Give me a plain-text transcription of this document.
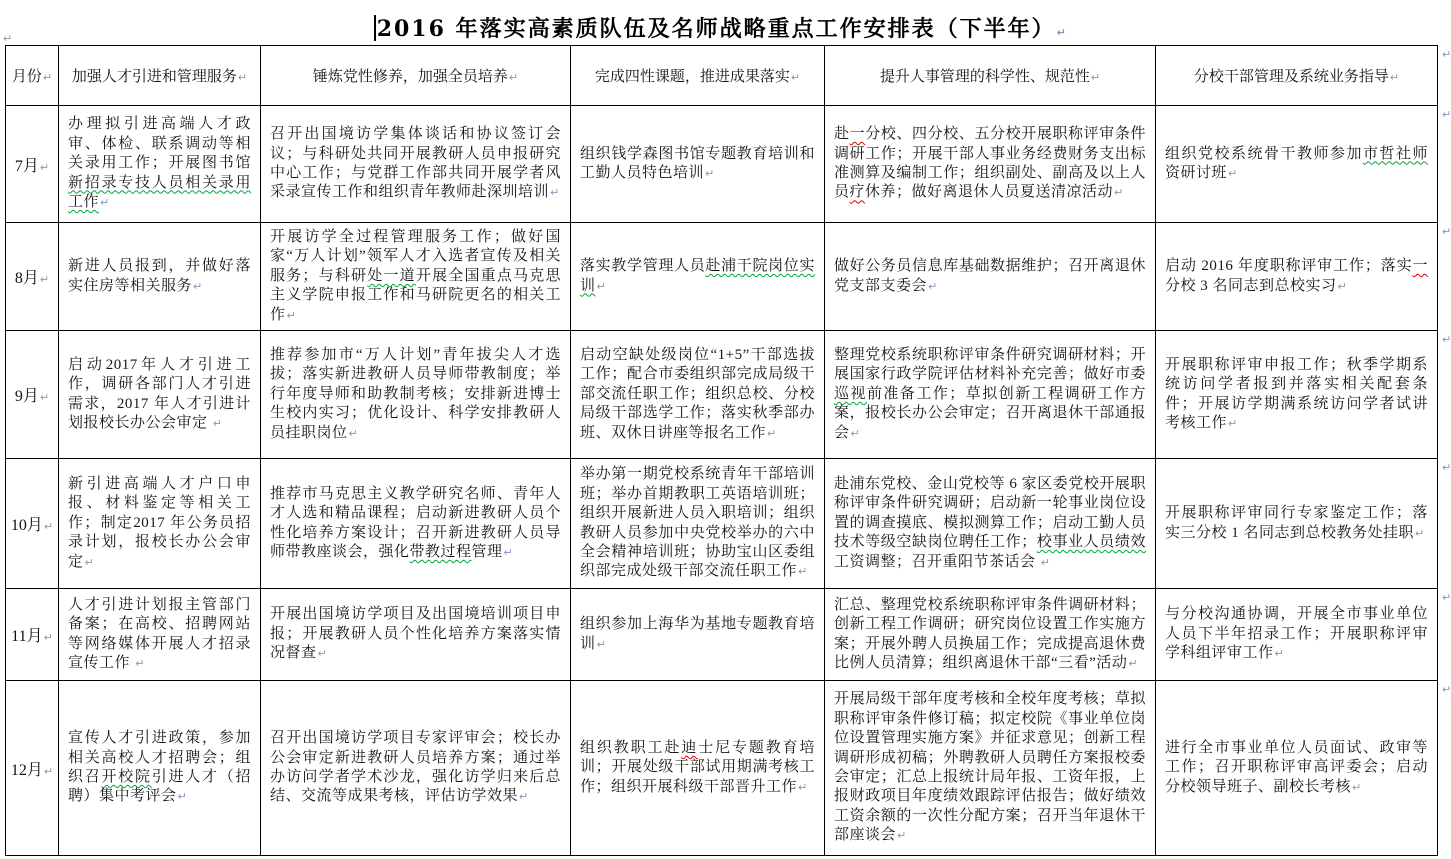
↵	2016 年落实高素质队伍及名师战略重点工作安排表（下半年）↵
月份↵	加强人才引进和管理服务↵	锤炼党性修养，加强全员培养↵	完成四性课题，推进成果落实↵	提升人事管理的科学性、规范性↵	分校干部管理及系统业务指导↵
7月↵	办理拟引进高端人才政审、体检、联系调动等相关录用工作；开展图书馆新招录专技人员相关录用工作↵	召开出国境访学集体谈话和协议签订会议；与科研处共同开展教研人员申报研究中心工作；与党群工作部共同开展学者风采录宣传工作和组织青年教师赴深圳培训↵	组织钱学森图书馆专题教育培训和工勤人员特色培训↵	赴一分校、四分校、五分校开展职称评审条件调研工作；开展干部人事业务经费财务支出标准测算及编制工作；组织副处、副高及以上人员疗休养；做好离退休人员夏送清凉活动↵	组织党校系统骨干教师参加市哲社师资研讨班↵

8月↵	新进人员报到，并做好落实住房等相关服务↵	开展访学全过程管理服务工作；做好国家“万人计划”领军人才入选者宣传及相关服务；与科研处一道开展全国重点马克思主义学院申报工作和马研院更名的相关工作↵	落实教学管理人员赴浦干院岗位实训↵	做好公务员信息库基础数据维护；召开离退休党支部支委会↵	启动 2016 年度职称评审工作；落实一分校 3 名同志到总校实习↵

9月↵	启动2017年人才引进工作，调研各部门人才引进需求，2017 年人才引进计划报校长办公会审定 ↵	推荐参加市“万人计划”青年拔尖人才选拔；落实新进教研人员导师带教制度；举行年度导师和助教制考核；安排新进博士生校内实习；优化设计、科学安排教研人员挂职岗位↵	启动空缺处级岗位“1+5”干部选拔工作；配合市委组织部完成局级干部交流任职工作；组织总校、分校局级干部选学工作；落实秋季部办班、双休日讲座等报名工作↵	整理党校系统职称评审条件研究调研材料；开展国家行政学院评估材料补充完善；做好市委巡视前准备工作；草拟创新工程调研工作方案，报校长办公会审定；召开离退休干部通报会↵	开展职称评审申报工作；秋季学期系统访问学者报到并落实相关配套条件；开展访学期满系统访问学者试讲考核工作↵

10月↵	新引进高端人才户口申报、材料鉴定等相关工作；制定2017 年公务员招录计划，报校长办公会审定↵	推荐市马克思主义教学研究名师、青年人才人选和精品课程；启动新进教研人员个性化培养方案设计；召开新进教研人员导师带教座谈会，强化带教过程管理↵	举办第一期党校系统青年干部培训班；举办首期教职工英语培训班；组织开展新进人员入职培训；组织教研人员参加中央党校举办的六中全会精神培训班；协助宝山区委组织部完成处级干部交流任职工作↵	赴浦东党校、金山党校等 6 家区委党校开展职称评审条件研究调研；启动新一轮事业岗位设置的调查摸底、模拟测算工作；启动工勤人员技术等级空缺岗位聘任工作；校事业人员绩效工资调整；召开重阳节茶话会 ↵	开展职称评审同行专家鉴定工作；落实三分校 1 名同志到总校教务处挂职↵

11月↵	人才引进计划报主管部门备案；在高校、招聘网站等网络媒体开展人才招录宣传工作 ↵	开展出国境访学项目及出国境培训项目申报；开展教研人员个性化培养方案落实情况督查↵	组织参加上海华为基地专题教育培训↵	汇总、整理党校系统职称评审条件调研材料；创新工程工作调研；研究岗位设置工作实施方案；开展外聘人员换届工作；完成提高退休费比例人员清算；组织离退休干部“三看”活动↵	与分校沟通协调，开展全市事业单位人员下半年招录工作；开展职称评审学科组评审工作↵

12月↵	宣传人才引进政策，参加相关高校人才招聘会；组织召开校院引进人才（招聘）集中考评会↵	召开出国境访学项目专家评审会；校长办公会审定新进教研人员培养方案；通过举办访问学者学术沙龙，强化访学归来后总结、交流等成果考核，评估访学效果↵	组织教职工赴迪士尼专题教育培训；开展处级干部试用期满考核工作；组织开展科级干部晋升工作↵	开展局级干部年度考核和全校年度考核；草拟职称评审条件修订稿；拟定校院《事业单位岗位设置管理实施方案》并征求意见；创新工程调研形成初稿；外聘教研人员聘任方案报校委会审定；汇总上报统计局年报、工资年报，上报财政项目年度绩效跟踪评估报告；做好绩效工资余额的一次性分配方案；召开当年退休干部座谈会↵	进行全市事业单位人员面试、政审等工作；召开职称评审高评委会；启动分校领导班子、副校长考核↵
↵
↵
↵
↵
↵
↵
↵
